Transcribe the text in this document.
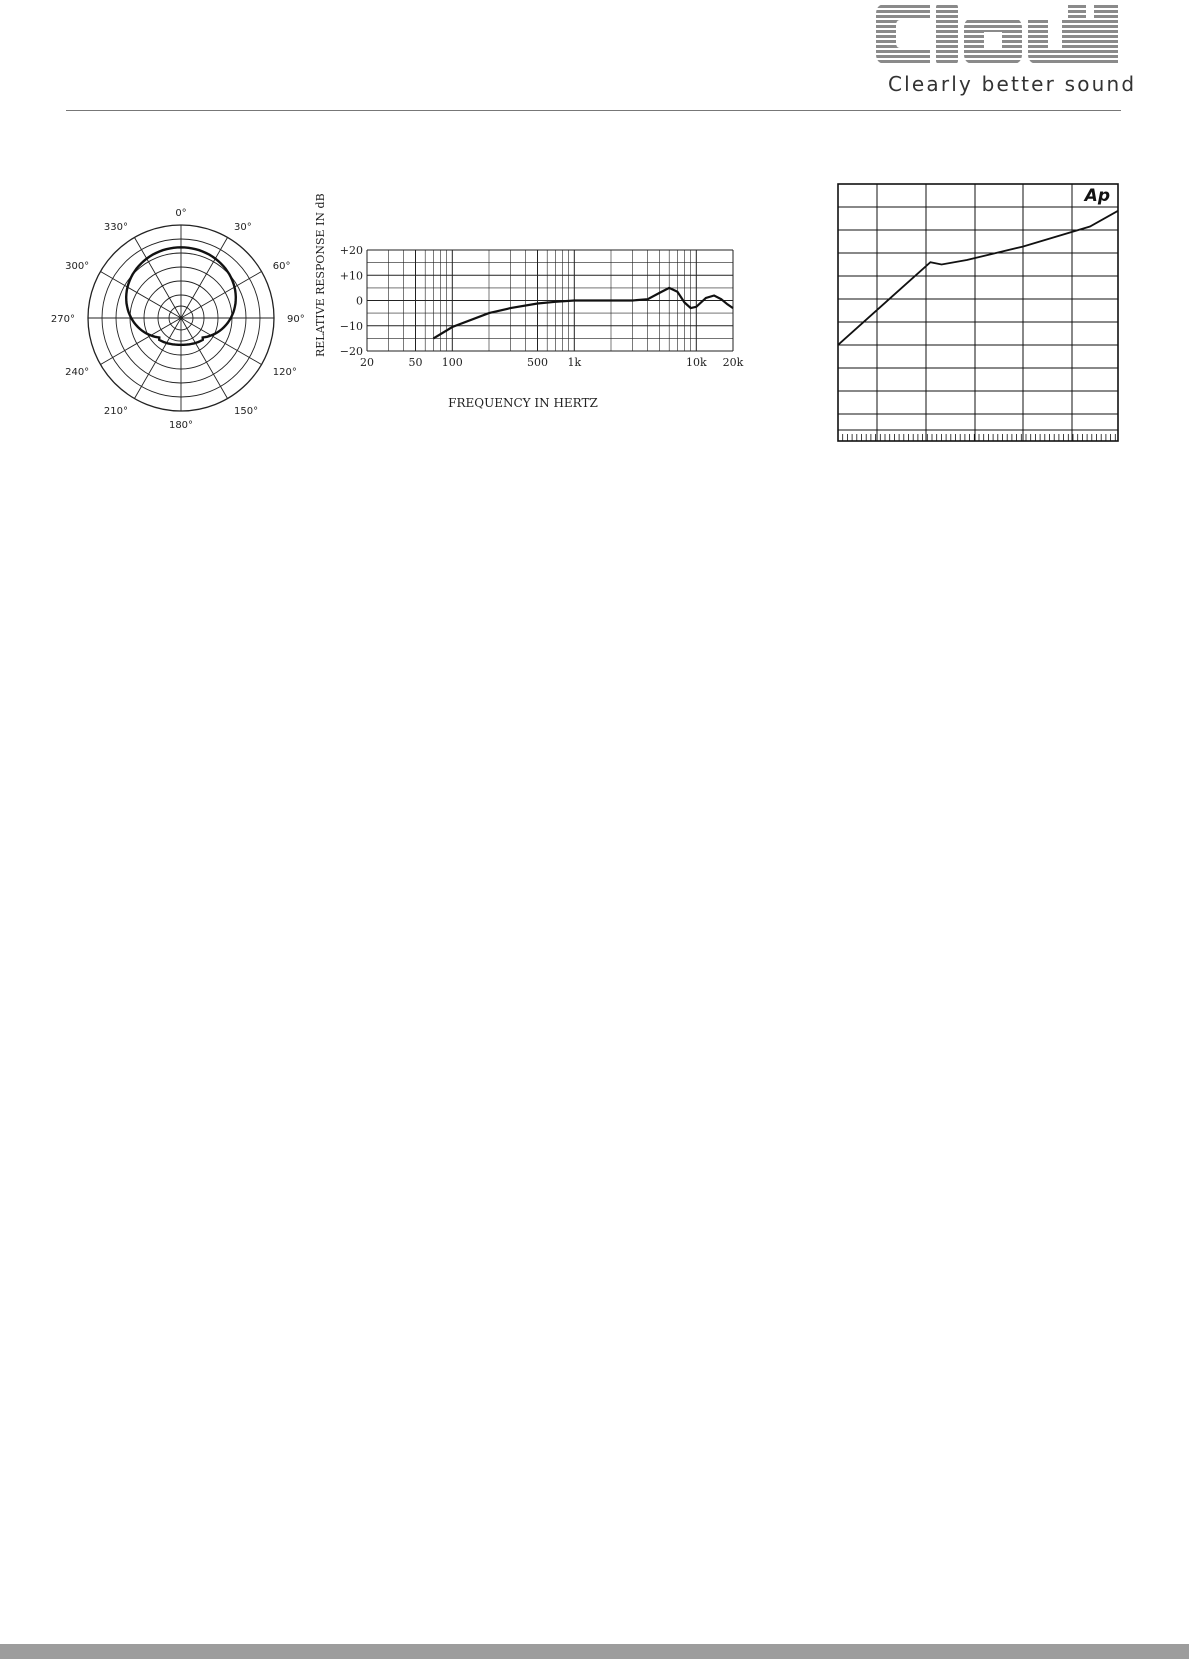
Clearly better sound
0°
30°
60°
90°
120°
150°
180°
210°
240°
270°
300°
330°
20	50 100	500 1k	10k 20k
+20
+10
0
−10
−20
RELATIVE RESPONSE IN dB
FREQUENCY IN HERTZ
Ap
